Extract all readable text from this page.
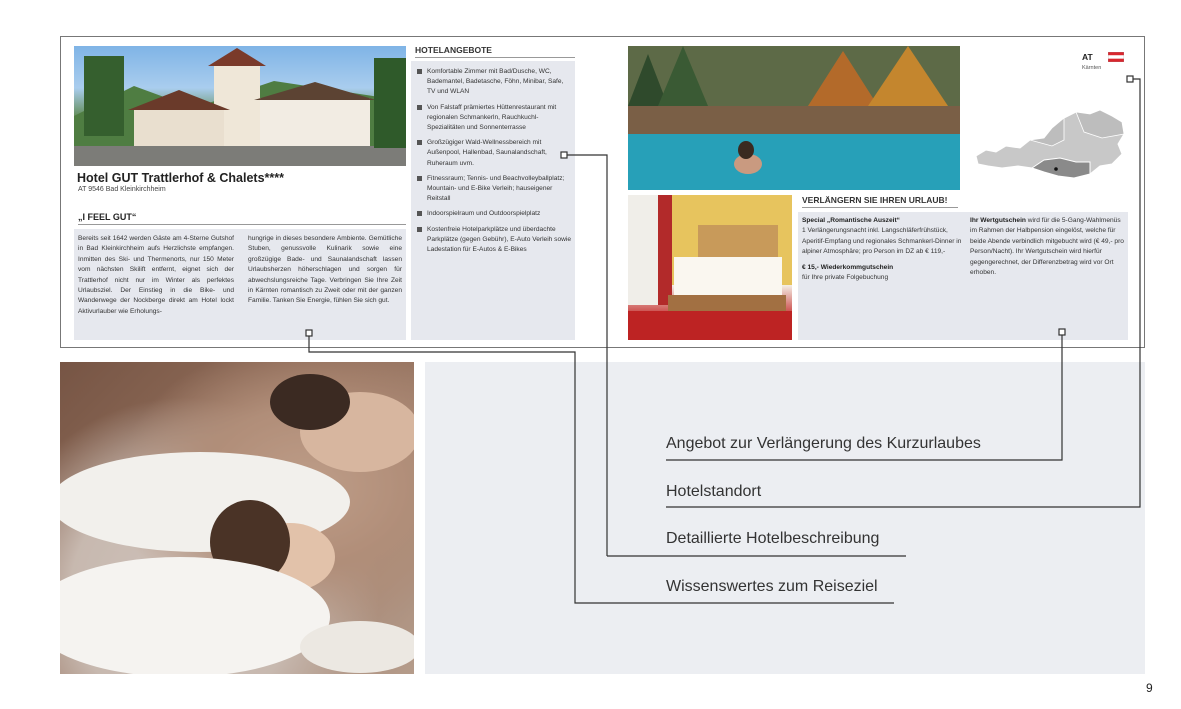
Hotel GUT Trattlerhof & Chalets****
AT 9546 Bad Kleinkirchheim
„I FEEL GUT“

Bereits seit 1642 werden Gäste am 4-Sterne Gutshof in Bad Kleinkirchheim aufs Herzlichste empfangen. Inmitten des Ski- und Thermenorts, nur 150 Meter vom nächsten Skilift entfernt, eignet sich der Trattlerhof nicht nur im Winter als perfektes Urlaubsziel. Der Einstieg in die Bike- und Wanderwege der Nockberge direkt am Hotel lockt Aktivurlauber wie Erholungs-

hungrige in dieses besondere Ambiente. Gemütliche Stuben, genussvolle Kulinarik sowie eine großzügige Bade- und Saunalandschaft lassen Urlaubsherzen höherschlagen und sorgen für abwechslungsreiche Tage. Verbringen Sie Ihre Zeit in Kärnten romantisch zu Zweit oder mit der ganzen Familie. Tanken Sie Energie, fühlen Sie sich gut.

HOTELANGEBOTE
Komfortable Zimmer mit Bad/Dusche, WC, Bademantel, Badetasche, Föhn, Minibar, Safe, TV und WLAN
Von Falstaff prämiertes Hüttenrestaurant mit regionalen Schmankerln, Rauchkuchl-Spezialitäten und Sonnenterrasse
Großzügiger Wald-Wellnessbereich mit Außenpool, Hallenbad, Saunalandschaft, Ruheraum uvm.
Fitnessraum; Tennis- und Beachvolleyballplatz; Mountain- und E-Bike Verleih; hauseigener Reitstall
Indoorspielraum und Outdoorspielplatz
Kostenfreie Hotelparkplätze und überdachte Parkplätze (gegen Gebühr), E-Auto Verleih sowie Ladestation für E-Autos & E-Bikes
AT
Kärnten
VERLÄNGERN SIE IHREN URLAUB!
Special „Romantische Auszeit“
1 Verlängerungsnacht inkl. Langschläferfrühstück, Aperitif-Empfang und regionales Schmankerl-Dinner in alpiner Atmosphäre; pro Person im DZ ab € 119,-
€ 15,- Wiederkommgutschein
für Ihre private Folgebuchung
Ihr Wertgutschein wird für die 5-Gang-Wahlmenüs im Rahmen der Halbpension eingelöst, welche für beide Abende verbindlich mitgebucht wird (€ 49,- pro Person/Nacht). Ihr Wertgutschein wird hierfür gegengerechnet, der Differenzbetrag wird vor Ort erhoben.
Angebot zur Verlängerung des Kurzurlaubes
Hotelstandort
Detaillierte Hotelbeschreibung
Wissenswertes zum Reiseziel
9
